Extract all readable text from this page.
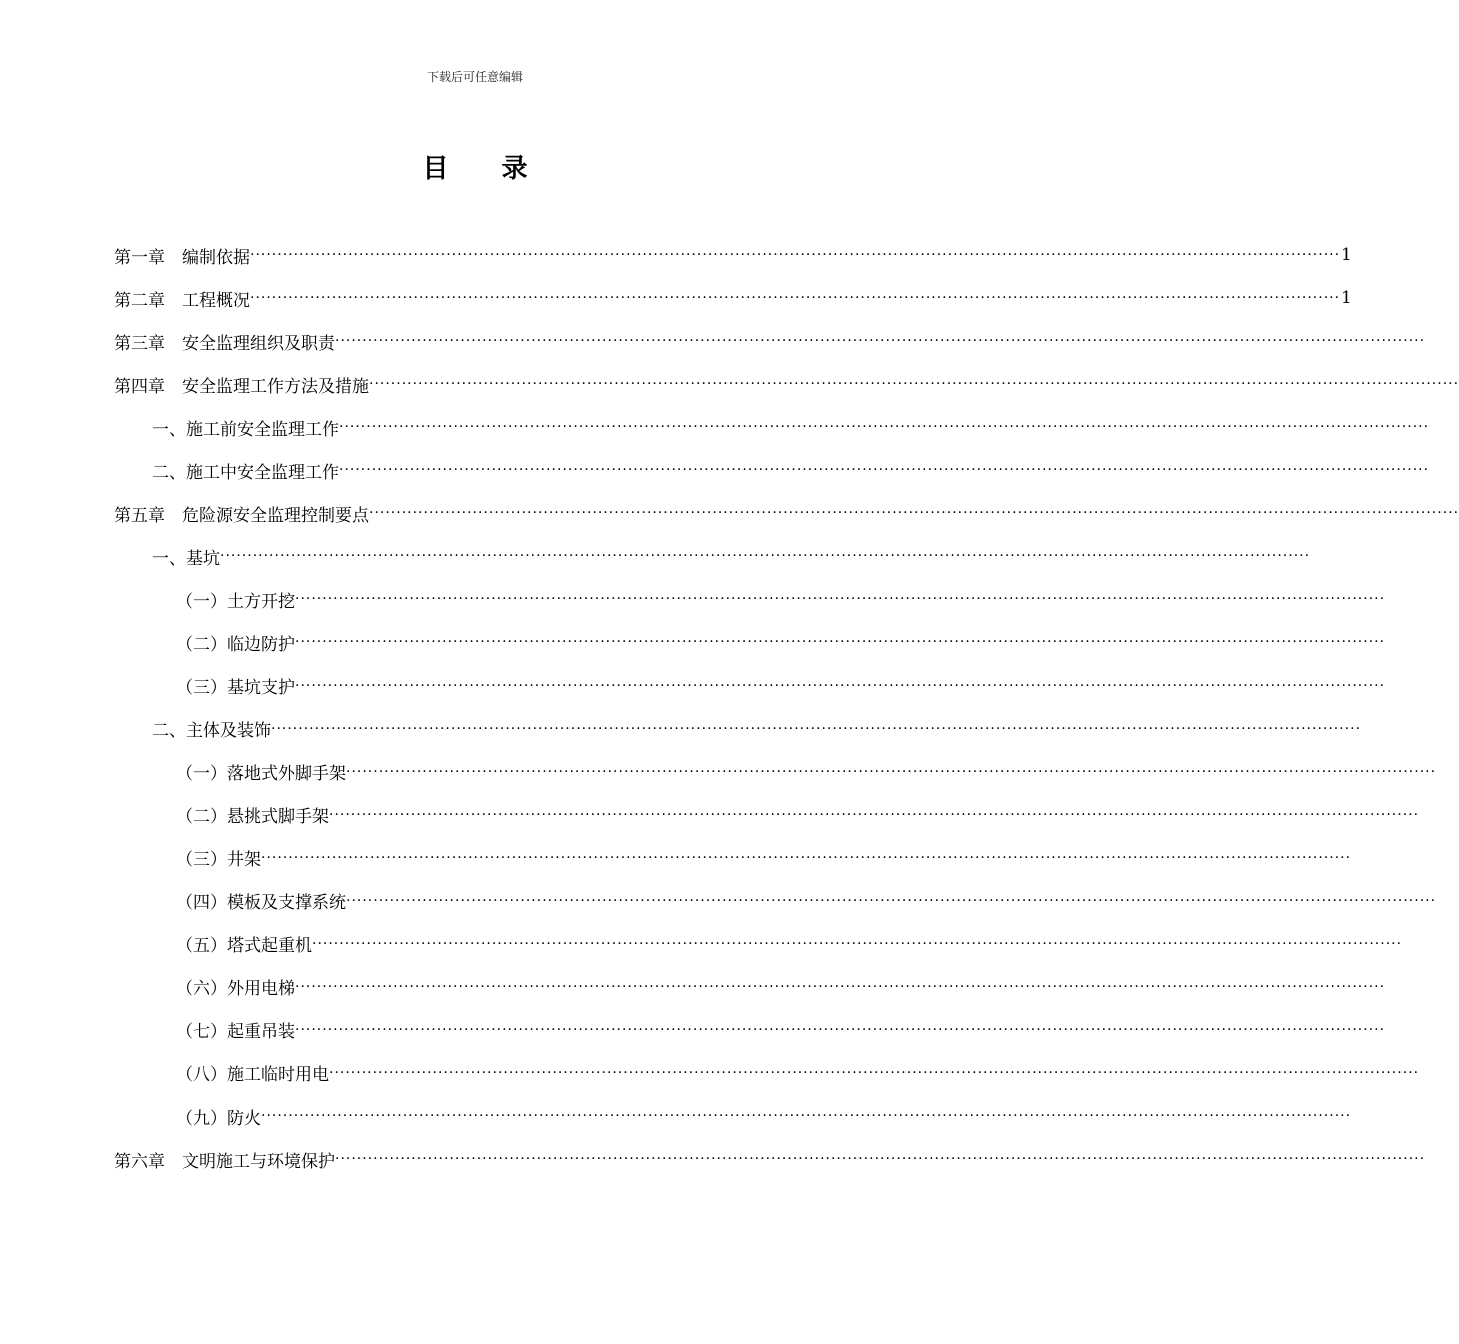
下载后可任意编辑
目 录
第一章　编制依据 ········································································································································································································ 1
第二章　工程概况 ········································································································································································································ 1
第三章　安全监理组织及职责 ········································································································································································································
第四章　安全监理工作方法及措施 ········································································································································································································
一、施工前安全监理工作 ········································································································································································································
二、施工中安全监理工作 ········································································································································································································
第五章　危险源安全监理控制要点 ········································································································································································································
一、基坑 ········································································································································································································
（一）土方开挖 ········································································································································································································
（二）临边防护 ········································································································································································································
（三）基坑支护 ········································································································································································································
二、主体及装饰 ········································································································································································································
（一）落地式外脚手架 ········································································································································································································
（二）悬挑式脚手架 ········································································································································································································
（三）井架 ········································································································································································································
（四）模板及支撑系统 ········································································································································································································
（五）塔式起重机 ········································································································································································································
（六）外用电梯 ········································································································································································································
（七）起重吊装 ········································································································································································································
（八）施工临时用电 ········································································································································································································
（九）防火 ········································································································································································································
第六章　文明施工与环境保护 ········································································································································································································
